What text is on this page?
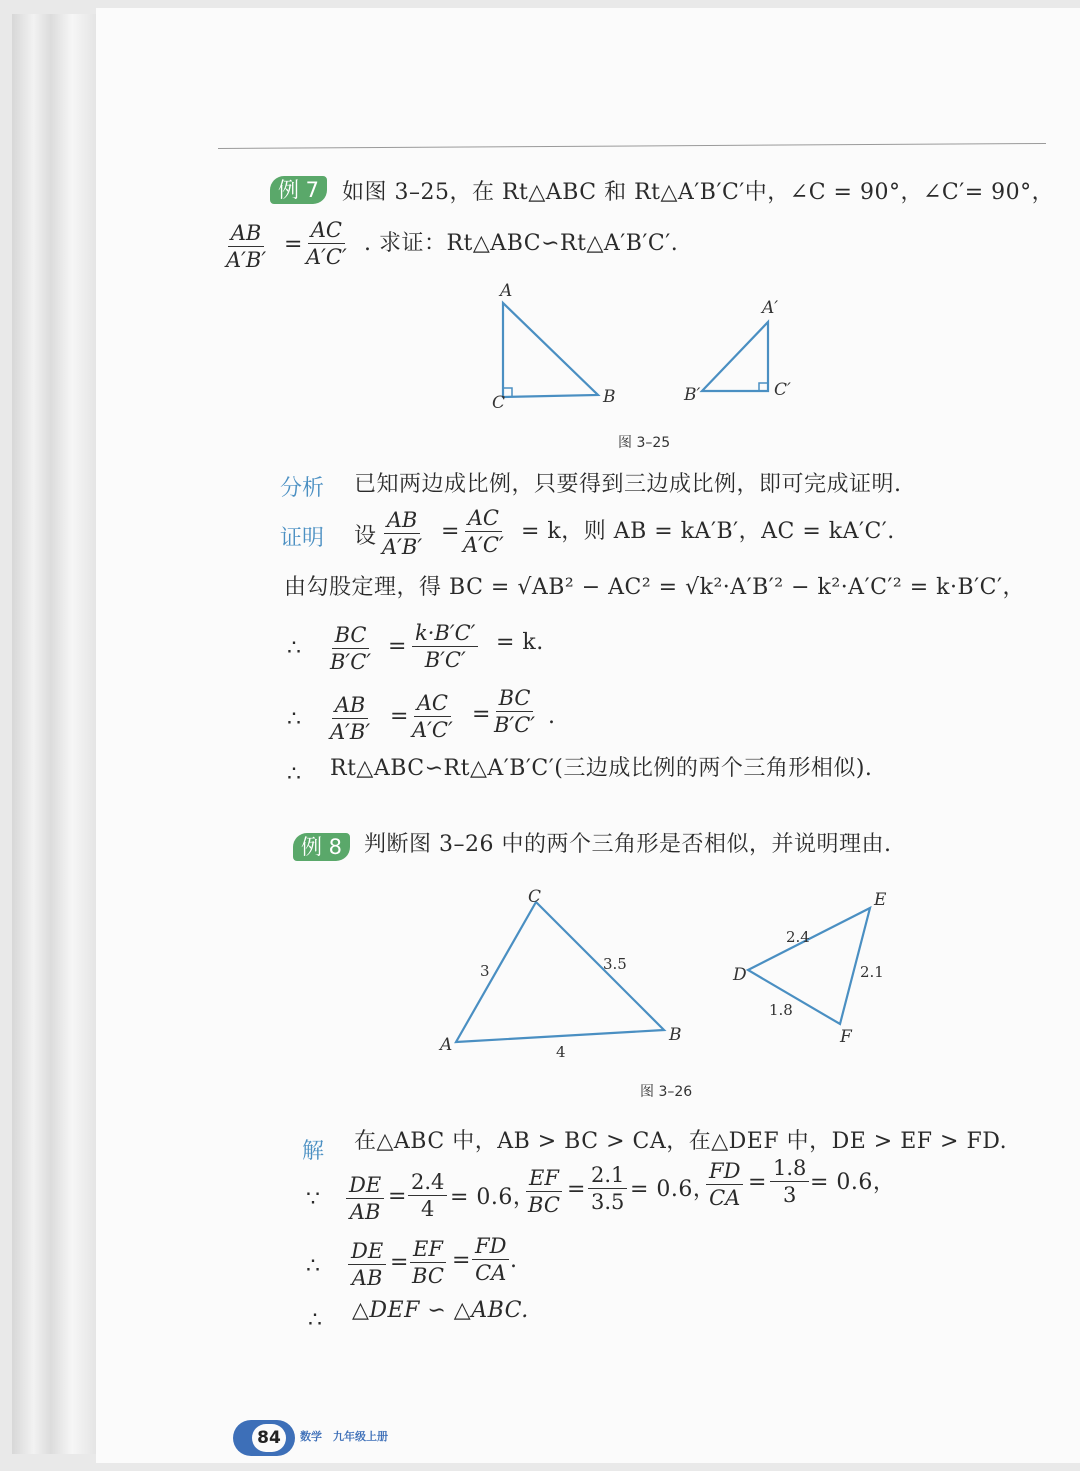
例 7	如图 3–25，在 Rt△ABC 和 Rt△A′B′C′中，∠C = 90°，∠C′= 90°，
$\frac{AB}{A'B'} = \frac{AC}{A'C'}$ . 求证：Rt△ABC∽Rt△A′B′C′.
A
C	B
A′
B′	C′
图 3–25
分析 已知两边成比例，只要得到三边成比例，即可完成证明.
证明 设 $\frac{AB}{A'B'} = \frac{AC}{A'C'} = k$，则 AB = kA′B′，AC = kA′C′.
由勾股定理，得 BC = √AB² − AC² = √k²·A′B′² − k²·A′C′² = k·B′C′，
∴ $\frac{BC}{B'C'} = \frac{k\cdot B'C'}{B'C'} = k$.
∴ $\frac{AB}{A'B'} = \frac{AC}{A'C'} = \frac{BC}{B'C'}$ .
∴ Rt△ABC∽Rt△A′B′C′(三边成比例的两个三角形相似).
例 8 判断图 3–26 中的两个三角形是否相似，并说明理由.
C
A	B
3	3.5
4
E
D
F
2.4
2.1
1.8
图 3–26
解 在△ABC 中，AB > BC > CA，在△DEF 中，DE > EF > FD.
∵ $\frac{DE}{AB} = \frac{2.4}{4} = 0.6$，
$\frac{EF}{BC} = \frac{2.1}{3.5} = 0.6$，
$\frac{FD}{CA} = \frac{1.8}{3} = 0.6$，
∴ $\frac{DE}{AB} = \frac{EF}{BC} = \frac{FD}{CA}$ .
∴ △DEF ∽ △ABC.
84	数学　九年级上册
